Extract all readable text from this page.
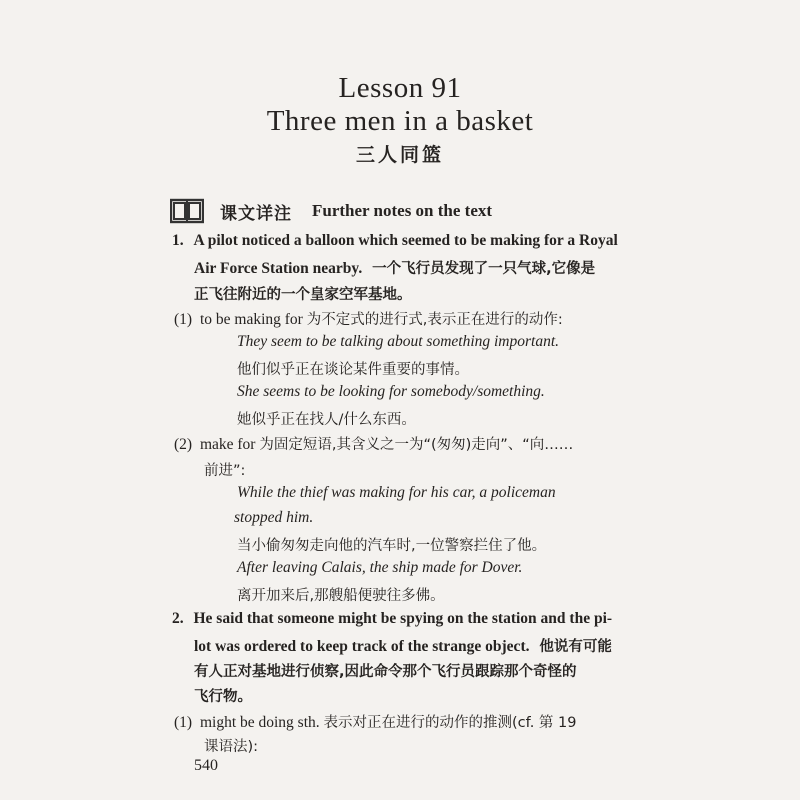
Lesson 91
Three men in a basket
三人同篮
课文详注 Further notes on the text
1. A pilot noticed a balloon which seemed to be making for a Royal
Air Force Station nearby. 一个飞行员发现了一只气球,它像是
正飞往附近的一个皇家空军基地。
(1) to be making for 为不定式的进行式,表示正在进行的动作:
They seem to be talking about something important.
他们似乎正在谈论某件重要的事情。
She seems to be looking for somebody/something.
她似乎正在找人/什么东西。
(2) make for 为固定短语,其含义之一为“(匆匆)走向”、“向……
前进”:
While the thief was making for his car, a policeman
stopped him.
当小偷匆匆走向他的汽车时,一位警察拦住了他。
After leaving Calais, the ship made for Dover.
离开加来后,那艘船便驶往多佛。
2. He said that someone might be spying on the station and the pi-
lot was ordered to keep track of the strange object. 他说有可能
有人正对基地进行侦察,因此命令那个飞行员跟踪那个奇怪的
飞行物。
(1) might be doing sth. 表示对正在进行的动作的推测(cf. 第 19
课语法):
540
